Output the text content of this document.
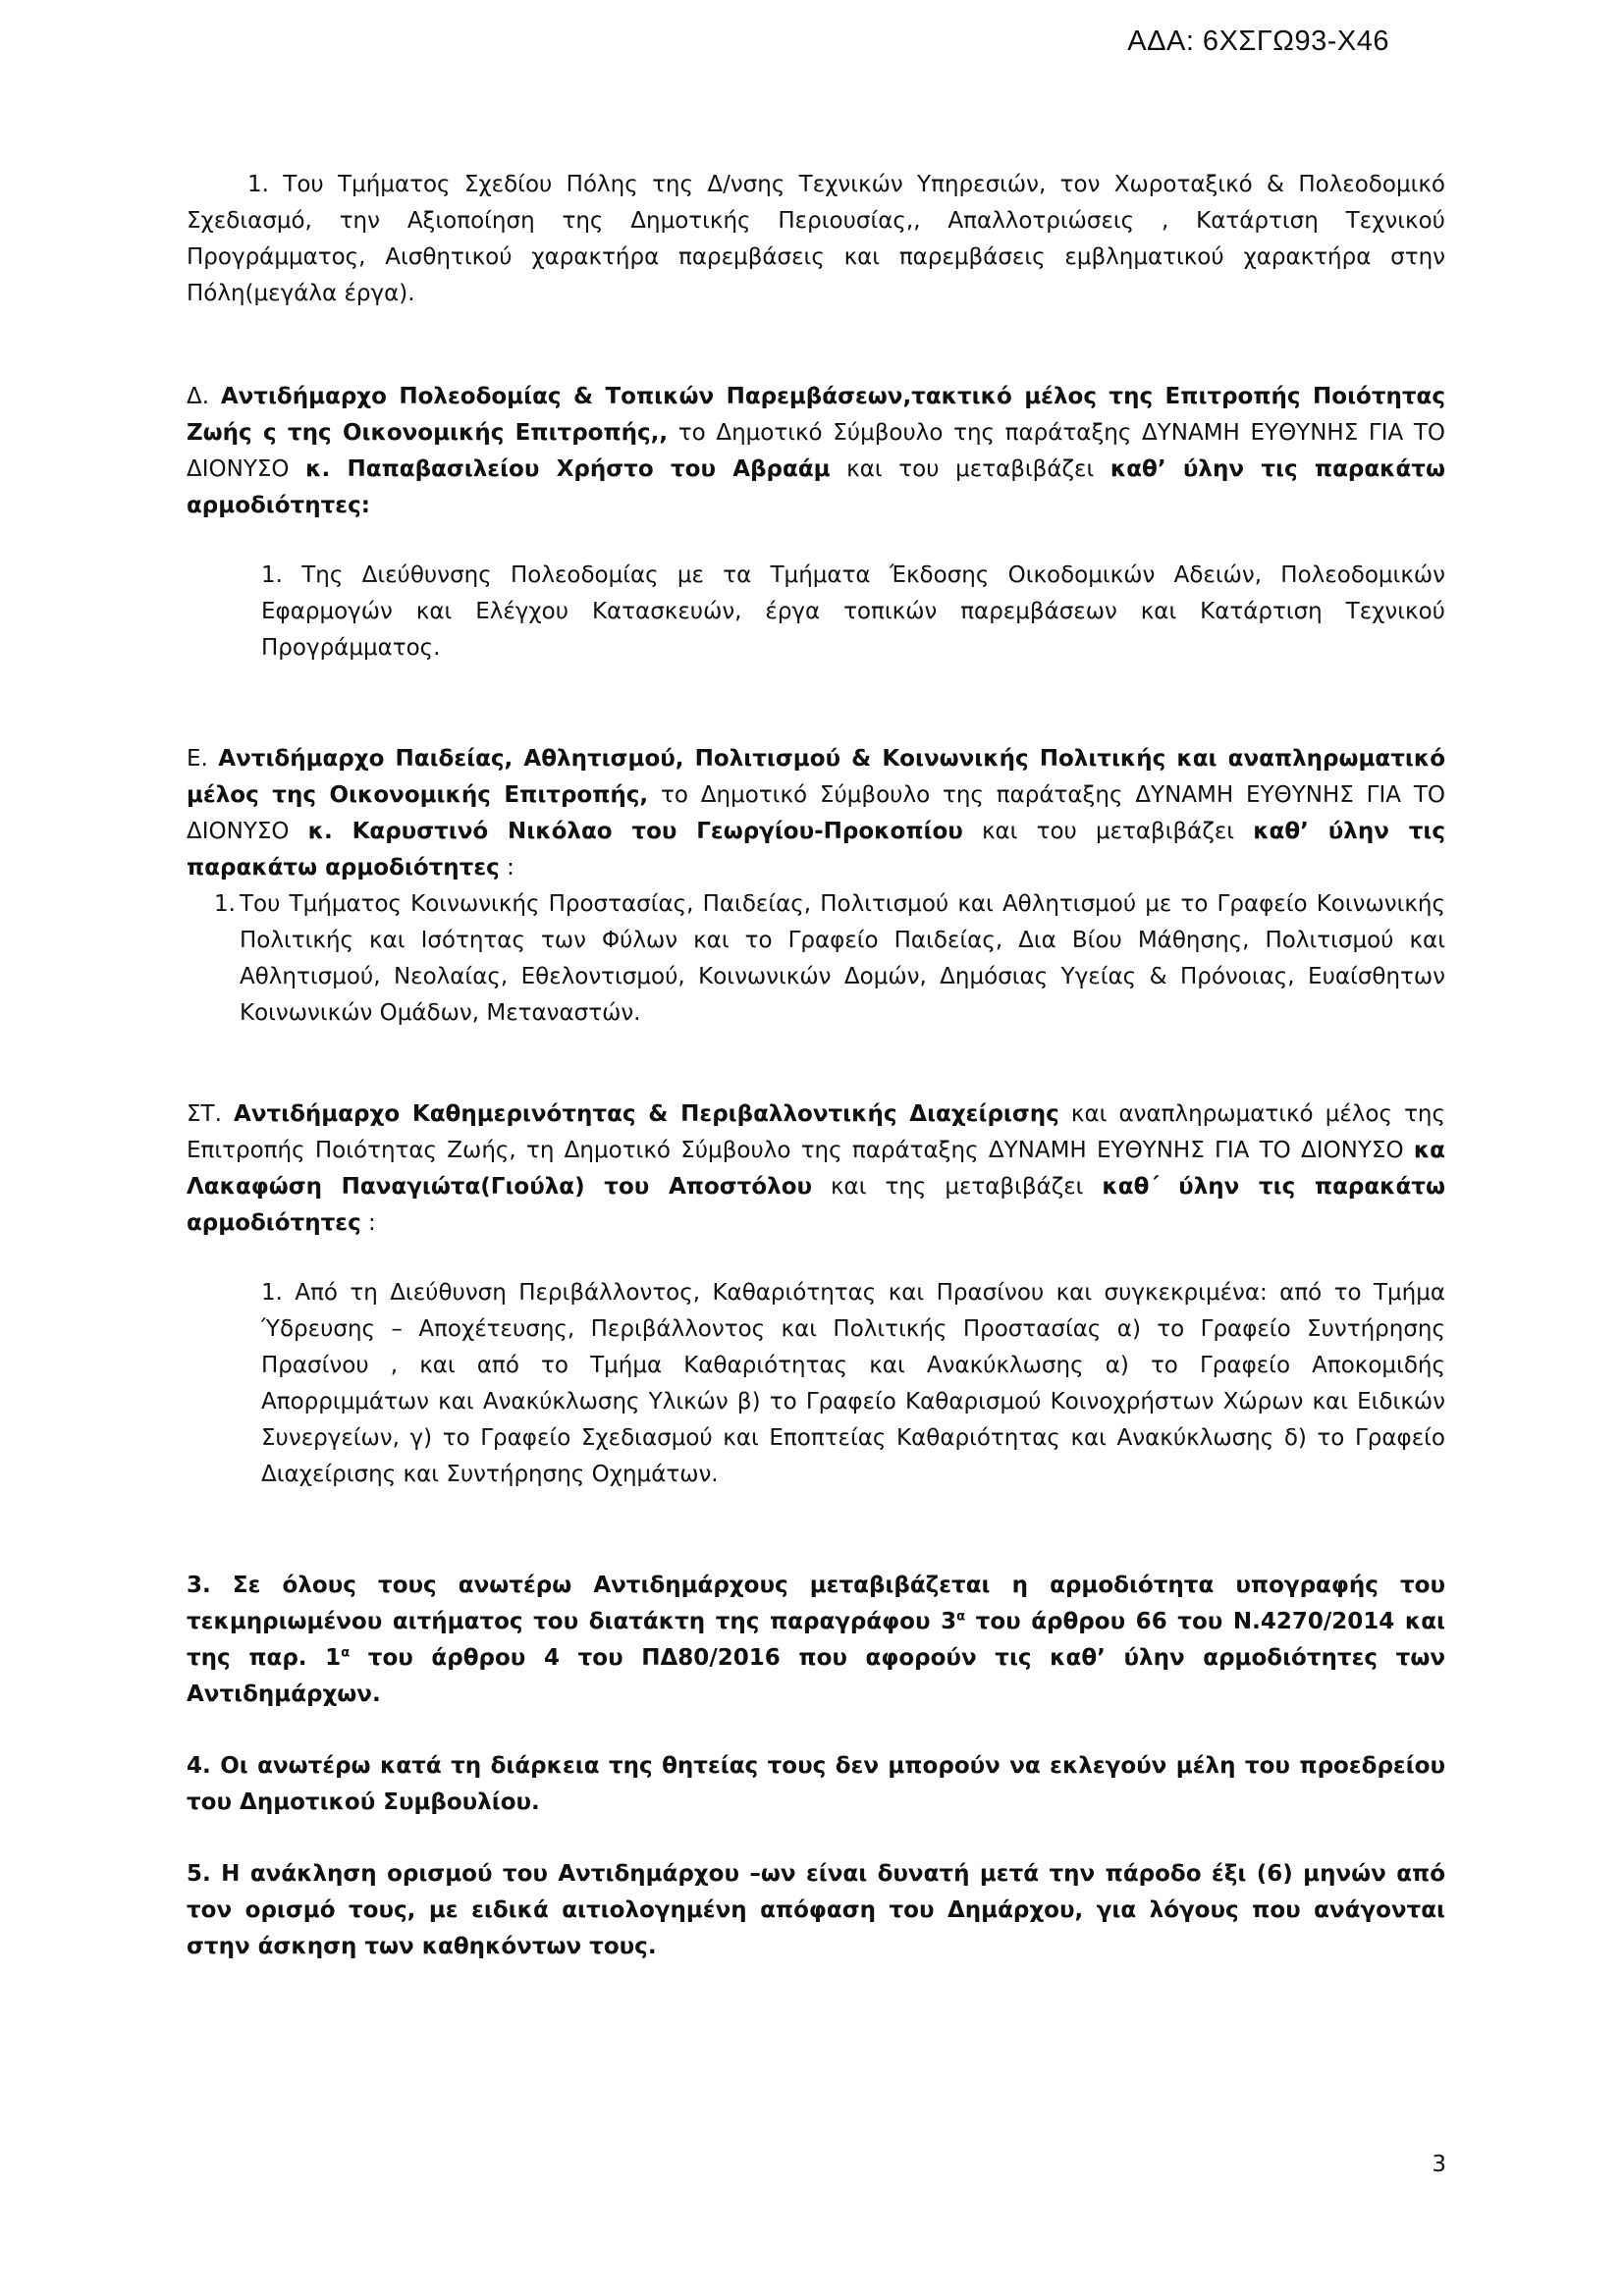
ΑΔΑ: 6ΧΣΓΩ93-Χ46

1. Του Τμήματος Σχεδίου Πόλης της Δ/νσης Τεχνικών Υπηρεσιών, τον Χωροταξικό & Πολεοδομικό Σχεδιασμό, την Αξιοποίηση της Δημοτικής Περιουσίας,, Απαλλοτριώσεις , Κατάρτιση Τεχνικού Προγράμματος, Αισθητικού χαρακτήρα παρεμβάσεις και παρεμβάσεις εμβληματικού χαρακτήρα στην Πόλη(μεγάλα έργα).

Δ. Αντιδήμαρχο Πολεοδομίας & Τοπικών Παρεμβάσεων,τακτικό μέλος της Επιτροπής Ποιότητας Ζωής ς της Οικονομικής Επιτροπής,, το Δημοτικό Σύμβουλο της παράταξης ΔΥΝΑΜΗ ΕΥΘΥΝΗΣ ΓΙΑ ΤΟ ΔΙΟΝΥΣΟ κ. Παπαβασιλείου Χρήστο του Αβραάμ και του μεταβιβάζει καθ’ ύλην τις παρακάτω αρμοδιότητες:

1. Της Διεύθυνσης Πολεοδομίας με τα Τμήματα Έκδοσης Οικοδομικών Αδειών, Πολεοδομικών Εφαρμογών και Ελέγχου Κατασκευών, έργα τοπικών παρεμβάσεων και Κατάρτιση Τεχνικού Προγράμματος.

Ε. Αντιδήμαρχο Παιδείας, Αθλητισμού, Πολιτισμού & Κοινωνικής Πολιτικής και αναπληρωματικό μέλος της Οικονομικής Επιτροπής, το Δημοτικό Σύμβουλο της παράταξης ΔΥΝΑΜΗ ΕΥΘΥΝΗΣ ΓΙΑ ΤΟ ΔΙΟΝΥΣΟ κ. Καρυστινό Νικόλαο του Γεωργίου-Προκοπίου και του μεταβιβάζει καθ’ ύλην τις παρακάτω αρμοδιότητες :

1. Του Τμήματος Κοινωνικής Προστασίας, Παιδείας, Πολιτισμού και Αθλητισμού με το Γραφείο Κοινωνικής Πολιτικής και Ισότητας των Φύλων και το Γραφείο Παιδείας, Δια Βίου Μάθησης, Πολιτισμού και Αθλητισμού, Νεολαίας, Εθελοντισμού, Κοινωνικών Δομών, Δημόσιας Υγείας & Πρόνοιας, Ευαίσθητων Κοινωνικών Ομάδων, Μεταναστών.

ΣΤ. Αντιδήμαρχο Καθημερινότητας & Περιβαλλοντικής Διαχείρισης και αναπληρωματικό μέλος της Επιτροπής Ποιότητας Ζωής, τη Δημοτικό Σύμβουλο της παράταξης ΔΥΝΑΜΗ ΕΥΘΥΝΗΣ ΓΙΑ ΤΟ ΔΙΟΝΥΣΟ κα Λακαφώση Παναγιώτα(Γιούλα) του Αποστόλου και της μεταβιβάζει καθ΄ ύλην τις παρακάτω αρμοδιότητες :

1. Από τη Διεύθυνση Περιβάλλοντος, Καθαριότητας και Πρασίνου και συγκεκριμένα: από το Τμήμα Ύδρευσης – Αποχέτευσης, Περιβάλλοντος και Πολιτικής Προστασίας α) το Γραφείο Συντήρησης Πρασίνου , και από το Τμήμα Καθαριότητας και Ανακύκλωσης α) το Γραφείο Αποκομιδής Απορριμμάτων και Ανακύκλωσης Υλικών β) το Γραφείο Καθαρισμού Κοινοχρήστων Χώρων και Ειδικών Συνεργείων, γ) το Γραφείο Σχεδιασμού και Εποπτείας Καθαριότητας και Ανακύκλωσης δ) το Γραφείο Διαχείρισης και Συντήρησης Οχημάτων.

3. Σε όλους τους ανωτέρω Αντιδημάρχους μεταβιβάζεται η αρμοδιότητα υπογραφής του τεκμηριωμένου αιτήματος του διατάκτη της παραγράφου $3^\alpha$ του άρθρου 66 του Ν.4270/2014 και της παρ. $1^\alpha$ του άρθρου 4 του ΠΔ80/2016 που αφορούν τις καθ’ ύλην αρμοδιότητες των Αντιδημάρχων.

4. Οι ανωτέρω κατά τη διάρκεια της θητείας τους δεν μπορούν να εκλεγούν μέλη του προεδρείου του Δημοτικού Συμβουλίου.

5. Η ανάκληση ορισμού του Αντιδημάρχου –ων είναι δυνατή μετά την πάροδο έξι (6) μηνών από τον ορισμό τους, με ειδικά αιτιολογημένη απόφαση του Δημάρχου, για λόγους που ανάγονται στην άσκηση των καθηκόντων τους.

3
